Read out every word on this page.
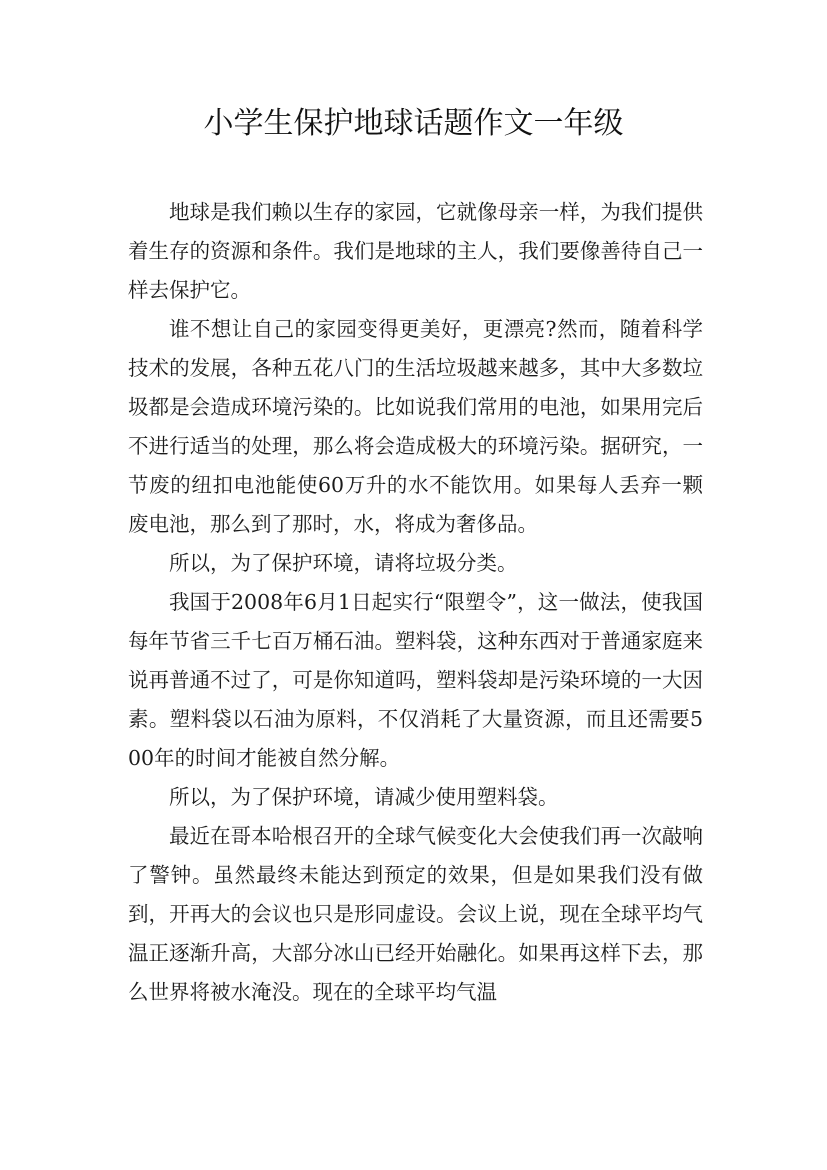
小学生保护地球话题作文一年级

地球是我们赖以生存的家园，它就像母亲一样，为我们提供着生存的资源和条件。我们是地球的主人，我们要像善待自己一样去保护它。

谁不想让自己的家园变得更美好，更漂亮?然而，随着科学技术的发展，各种五花八门的生活垃圾越来越多，其中大多数垃圾都是会造成环境污染的。比如说我们常用的电池，如果用完后不进行适当的处理，那么将会造成极大的环境污染。据研究，一节废的纽扣电池能使60万升的水不能饮用。如果每人丢弃一颗废电池，那么到了那时，水，将成为奢侈品。

所以，为了保护环境，请将垃圾分类。

我国于2008年6月1日起实行“限塑令”，这一做法，使我国每年节省三千七百万桶石油。塑料袋，这种东西对于普通家庭来说再普通不过了，可是你知道吗，塑料袋却是污染环境的一大因素。塑料袋以石油为原料，不仅消耗了大量资源，而且还需要500年的时间才能被自然分解。

所以，为了保护环境，请减少使用塑料袋。

最近在哥本哈根召开的全球气候变化大会使我们再一次敲响了警钟。虽然最终未能达到预定的效果，但是如果我们没有做到，开再大的会议也只是形同虚设。会议上说，现在全球平均气温正逐渐升高，大部分冰山已经开始融化。如果再这样下去，那么世界将被水淹没。现在的全球平均气温
